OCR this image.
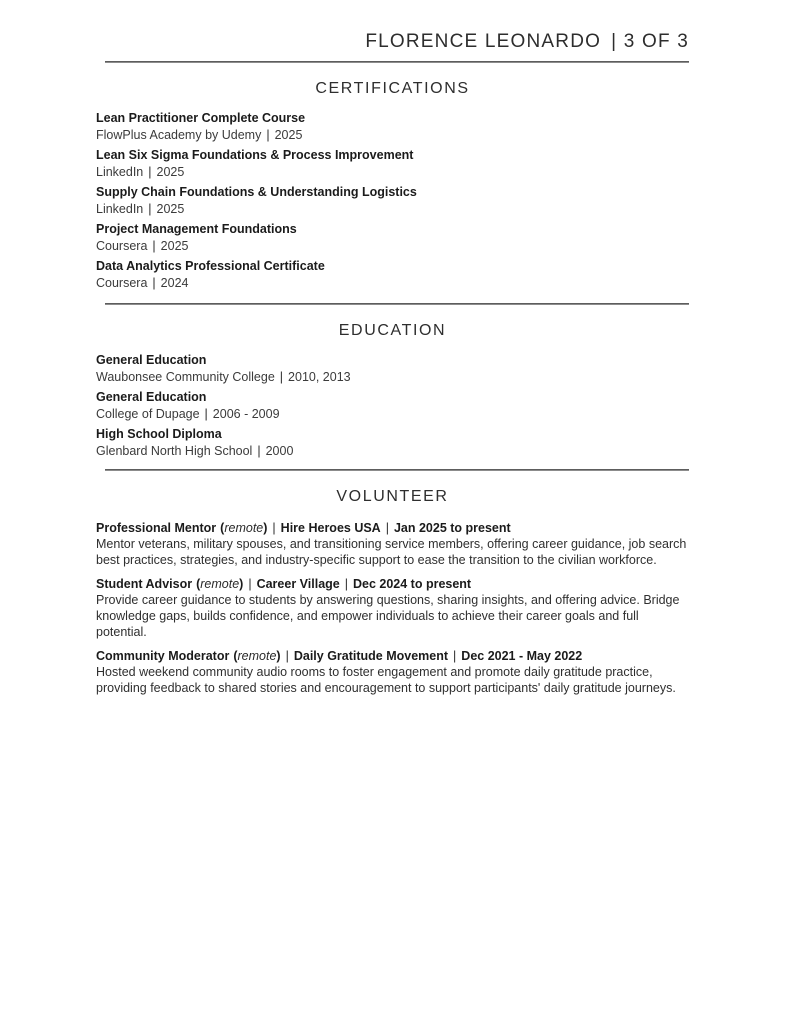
FLORENCE LEONARDO | 3 OF 3
CERTIFICATIONS
Lean Practitioner Complete Course
FlowPlus Academy by Udemy | 2025
Lean Six Sigma Foundations & Process Improvement
LinkedIn | 2025
Supply Chain Foundations & Understanding Logistics
LinkedIn | 2025
Project Management Foundations
Coursera | 2025
Data Analytics Professional Certificate
Coursera | 2024
EDUCATION
General Education
Waubonsee Community College | 2010, 2013
General Education
College of Dupage | 2006 - 2009
High School Diploma
Glenbard North High School | 2000
VOLUNTEER
Professional Mentor (remote) | Hire Heroes USA | Jan 2025 to present
Mentor veterans, military spouses, and transitioning service members, offering career guidance, job search best practices, strategies, and industry-specific support to ease the transition to the civilian workforce.
Student Advisor (remote) | Career Village | Dec 2024 to present
Provide career guidance to students by answering questions, sharing insights, and offering advice. Bridge knowledge gaps, builds confidence, and empower individuals to achieve their career goals and full potential.
Community Moderator (remote) | Daily Gratitude Movement | Dec 2021 - May 2022
Hosted weekend community audio rooms to foster engagement and promote daily gratitude practice, providing feedback to shared stories and encouragement to support participants' daily gratitude journeys.
